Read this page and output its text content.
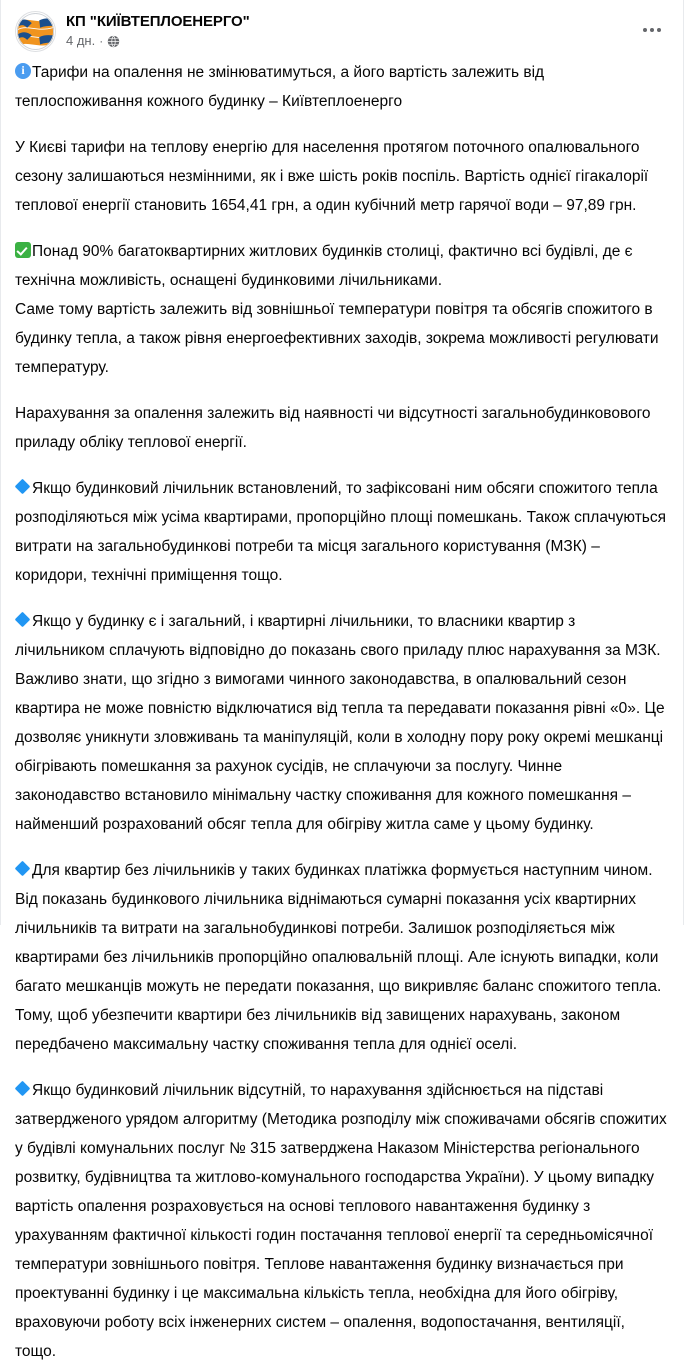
КП "КИЇВТЕПЛОЕНЕРГО"
4 дн. ·

iТарифи на опалення не змінюватимуться, а його вартість залежить від теплоспоживання кожного будинку – Київтеплоенерго

У Києві тарифи на теплову енергію для населення протягом поточного опалювального сезону залишаються незмінними, як і вже шість років поспіль. Вартість однієї гігакалорії теплової енергії становить 1654,41 грн, а один кубічний метр гарячої води – 97,89 грн.

Понад 90% багатоквартирних житлових будинків столиці, фактично всі будівлі, де є технічна можливість, оснащені будинковими лічильниками.

Саме тому вартість залежить від зовнішньої температури повітря та обсягів спожитого в будинку тепла, а також рівня енергоефективних заходів, зокрема можливості регулювати температуру.

Нарахування за опалення залежить від наявності чи відсутності загальнобудинковового приладу обліку теплової енергії.

Якщо будинковий лічильник встановлений, то зафіксовані ним обсяги спожитого тепла розподіляються між усіма квартирами, пропорційно площі помешкань. Також сплачуються витрати на загальнобудинкові потреби та місця загального користування (МЗК) – коридори, технічні приміщення тощо.

Якщо у будинку є і загальний, і квартирні лічильники, то власники квартир з лічильником сплачують відповідно до показань свого приладу плюс нарахування за МЗК. Важливо знати, що згідно з вимогами чинного законодавства, в опалювальний сезон квартира не може повністю відключатися від тепла та передавати показання рівні «0». Це дозволяє уникнути зловживань та маніпуляцій, коли в холодну пору року окремі мешканці обігрівають помешкання за рахунок сусідів, не сплачуючи за послугу. Чинне законодавство встановило мінімальну частку споживання для кожного помешкання – найменший розрахований обсяг тепла для обігріву житла саме у цьому будинку.

Для квартир без лічильників у таких будинках платіжка формується наступним чином. Від показань будинкового лічильника віднімаються сумарні показання усіх квартирних лічильників та витрати на загальнобудинкові потреби. Залишок розподіляється між квартирами без лічильників пропорційно опалювальній площі. Але існують випадки, коли багато мешканців можуть не передати показання, що викривляє баланс спожитого тепла. Тому, щоб убезпечити квартири без лічильників від завищених нарахувань, законом передбачено максимальну частку споживання тепла для однієї оселі.

Якщо будинковий лічильник відсутній, то нарахування здійснюється на підставі затвердженого урядом алгоритму (Методика розподілу між споживачами обсягів спожитих у будівлі комунальних послуг № 315 затверджена Наказом Міністерства регіонального розвитку, будівництва та житлово-комунального господарства України). У цьому випадку вартість опалення розраховується на основі теплового навантаження будинку з урахуванням фактичної кількості годин постачання теплової енергії та середньомісячної температури зовнішнього повітря. Теплове навантаження будинку визначається при проектуванні будинку і це максимальна кількість тепла, необхідна для його обігріву, враховуючи роботу всіх інженерних систем – опалення, водопостачання, вентиляції, тощо.
